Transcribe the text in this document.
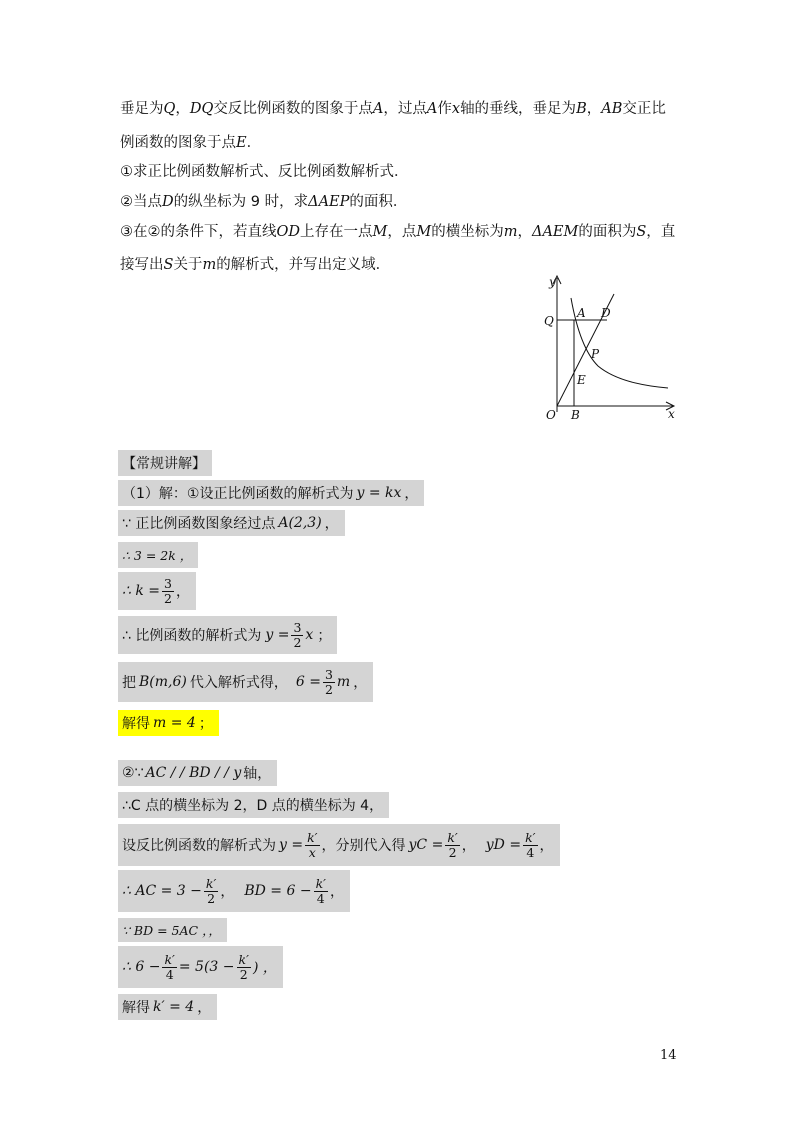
垂足为Q，DQ交反比例函数的图象于点A，过点A作x轴的垂线，垂足为B，AB交正比
例函数的图象于点E．
①求正比例函数解析式、反比例函数解析式．
②当点D的纵坐标为 9 时，求ΔAEP的面积．
③在②的条件下，若直线OD上存在一点M，点M的横坐标为m，ΔAEM的面积为S，直
接写出S关于m的解析式，并写出定义域．
y
x
O
Q
A D
P
E
B
【常规讲解】
（1）解：①设正比例函数的解析式为 y = kx ，
∵ 正比例函数图象经过点 A(2,3) ，
∴ 3 = 2k ，
∴ $k = \frac{3}{2}$ ，
∴ 比例函数的解析式为 $y = \frac{3}{2}$ x ；
把 B(m,6) 代入解析式得， $6 = \frac{3}{2}$ m ，
解得 m = 4 ；
②∵ AC / / BD / / y 轴，
∴C 点的横坐标为 2，D 点的横坐标为 4，
设反比例函数的解析式为 $y = \frac{k'}{x}$ ，分别代入得 yC = $\frac{k'}{2}$ ， yD = $\frac{k'}{4}$ ，
∴ AC = $3 - \frac{k'}{2}$ ， BD = $6 - \frac{k'}{4}$ ，
∵ BD = 5AC ，，
∴ $6 - \frac{k'}{4} = 5(3 - \frac{k'}{2}$ ) ，
解得 k′ = 4 ，
14
